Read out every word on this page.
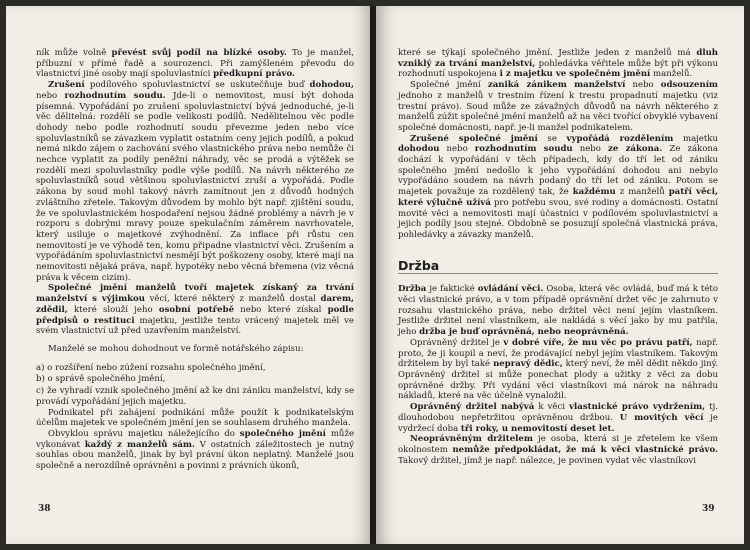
ník může volně převést svůj podíl na blízké osoby. To je manžel, příbuzní v přímé řadě a sourozenci. Při zamýšleném převodu do vlastnictví jiné osoby mají spoluvlastníci předkupní právo.

Zrušení podílového spoluvlastnictví se uskutečňuje buď dohodou, nebo rozhodnutím soudu. Jde-li o nemovitost, musí být dohoda písemná. Vypořádání po zrušení spoluvlastnictví bývá jednoduché, je-li věc dělitelná: rozdělí se podle velikosti podílů. Nedělitelnou věc podle dohody nebo podle rozhodnutí soudu převezme jeden nebo více spoluvlastníků se závazkem vyplatit ostatním ceny jejich podílů, a pokud nemá nikdo zájem o zachování svého vlastnického práva nebo nemůže či nechce vyplatit za podíly peněžní náhrady, věc se prodá a výtěžek se rozdělí mezi spoluvlastníky podle výše podílů. Na návrh některého ze spoluvlastníků soud většinou spoluvlastnictví zruší a vypořádá. Podle zákona by soud mohl takový návrh zamítnout jen z důvodů hodných zvláštního zřetele. Takovým důvodem by mohlo být např. zjištění soudu, že ve spoluvlastnickém hospodaření nejsou žádné problémy a návrh je v rozporu s dobrými mravy pouze spekulačním záměrem navrhovatele, který usiluje o majetkové zvýhodnění. Za inflace při růstu cen nemovitostí je ve výhodě ten, komu připadne vlastnictví věci. Zrušením a vypořádáním spoluvlastnictví nesmějí být poškozeny osoby, které mají na nemovitosti nějaká práva, např. hypotéky nebo věcná břemena (viz věcná práva k věcem cizím).

Společné jmění manželů tvoří majetek získaný za trvání manželství s výjimkou věcí, které některý z manželů dostal darem, zdědil, které slouží jeho osobní potřebě nebo které získal podle předpisů o restituci majetku, jestliže tento vrácený majetek měl ve svém vlastnictví už před uzavřením manželství.

Manželé se mohou dohodnout ve formě notářského zápisu:

a) o rozšíření nebo zúžení rozsahu společného jmění,

b) o správě společného jmění,

c) že vyhradí vznik společného jmění až ke dni zániku manželství, kdy se provádí vypořádání jejich majetku.

Podnikatel při zahájení podnikání může použít k podnikatelským účelům majetek ve společném jmění jen se souhlasem druhého manžela.

Obvyklou správu majetku náležejícího do společného jmění může vykonávat každý z manželů sám. V ostatních záležitostech je nutný souhlas obou manželů, jinak by byl právní úkon neplatný. Manželé jsou společně a nerozdílně oprávněni a povinni z právních úkonů,

38

které se týkají společného jmění. Jestliže jeden z manželů má dluh vzniklý za trvání manželství, pohledávka věřitele může být při výkonu rozhodnutí uspokojena i z majetku ve společném jmění manželů.

Společné jmění zaniká zánikem manželství nebo odsouzením jednoho z manželů v trestním řízení k trestu propadnutí majetku (viz trestní právo). Soud může ze závažných důvodů na návrh některého z manželů zúžit společné jmění manželů až na věci tvořící obvyklé vybavení společné domácnosti, např. je-li manžel podnikatelem.

Zrušené společné jmění se vypořádá rozdělením majetku dohodou nebo rozhodnutím soudu nebo ze zákona. Ze zákona dochází k vypořádání v těch případech, kdy do tří let od zániku společného jmění nedošlo k jeho vypořádání dohodou ani nebylo vypořádáno soudem na návrh podaný do tří let od zániku. Potom se majetek považuje za rozdělený tak, že každému z manželů patří věci, které výlučně užívá pro potřebu svou, své rodiny a domácnosti. Ostatní movité věci a nemovitosti mají účastníci v podílovém spoluvlastnictví a jejich podíly jsou stejné. Obdobně se posuzují společná vlastnická práva, pohledávky a závazky manželů.

Držba

Držba je faktické ovládání věci. Osoba, která věc ovládá, buď má k této věci vlastnické právo, a v tom případě oprávnění držet věc je zahrnuto v rozsahu vlastnického práva, nebo držitel věci není jejím vlastníkem. Jestliže držitel není vlastníkem, ale nakládá s věcí jako by mu patřila, jeho držba je buď oprávněná, nebo neoprávněná.

Oprávněný držitel je v dobré víře, že mu věc po právu patří, např. proto, že ji koupil a neví, že prodávající nebyl jejím vlastníkem. Takovým držitelem by byl také nepravý dědic, který neví, že měl dědit někdo jiný. Oprávněný držitel si může ponechat plody a užitky z věci za dobu oprávněné držby. Při vydání věci vlastníkovi má nárok na náhradu nákladů, které na věc účelně vynaložil.

Oprávněný držitel nabývá k věci vlastnické právo vydržením, tj. dlouhodobou nepřetržitou oprávněnou držbou. U movitých věcí je vydržecí doba tři roky, u nemovitostí deset let.

Neoprávněným držitelem je osoba, která si je zřetelem ke všem okolnostem nemůže předpokládat, že má k věci vlastnické právo. Takový držitel, jímž je např. nálezce, je povinen vydat věc vlastníkovi

39
